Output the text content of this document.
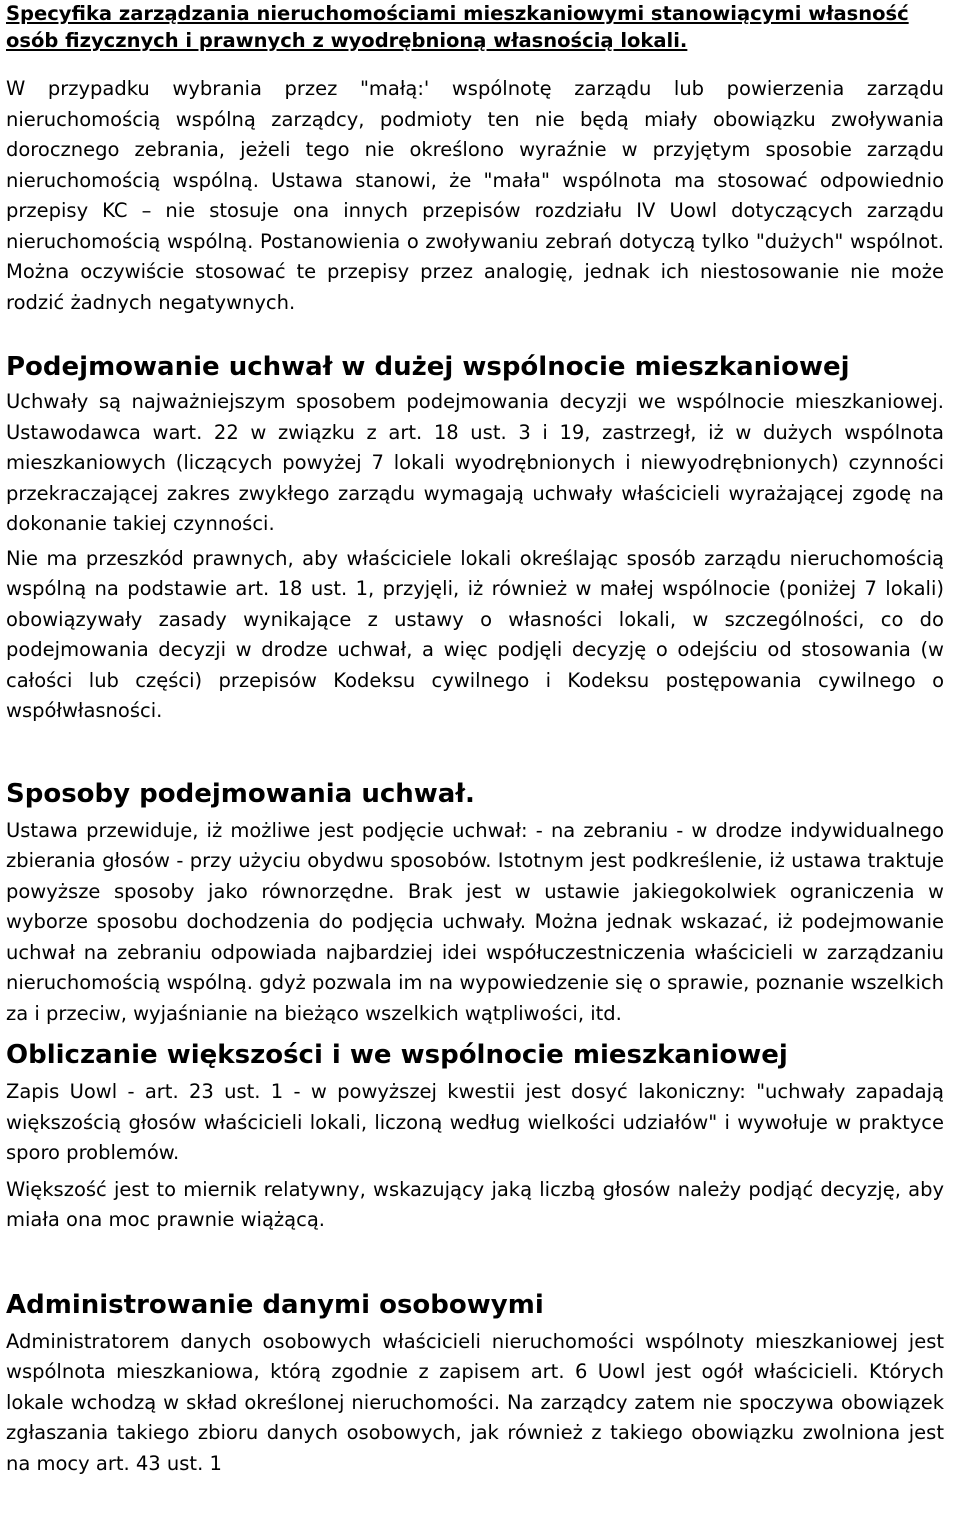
Specyfika zarządzania nieruchomościami mieszkaniowymi stanowiącymi własność osób fizycznych i prawnych z wyodrębnioną własnością lokali.

W przypadku wybrania przez "małą:' wspólnotę zarządu lub powierzenia zarządu nieruchomością wspólną zarządcy, podmioty ten nie będą miały obowiązku zwoływania dorocznego zebrania, jeżeli tego nie określono wyraźnie w przyjętym sposobie zarządu nieruchomością wspólną. Ustawa stanowi, że "mała" wspólnota ma stosować odpowiednio przepisy KC – nie stosuje ona innych przepisów rozdziału IV Uowl dotyczących zarządu nieruchomością wspólną. Postanowienia o zwoływaniu zebrań dotyczą tylko "dużych" wspólnot. Można oczywiście stosować te przepisy przez analogię, jednak ich niestosowanie nie może rodzić żadnych negatywnych.

Podejmowanie uchwał w dużej wspólnocie mieszkaniowej

Uchwały są najważniejszym sposobem podejmowania decyzji we wspólnocie mieszkaniowej. Ustawodawca wart. 22 w związku z art. 18 ust. 3 i 19, zastrzegł, iż w dużych wspólnota mieszkaniowych (liczących powyżej 7 lokali wyodrębnionych i niewyodrębnionych) czynności przekraczającej zakres zwykłego zarządu wymagają uchwały właścicieli wyrażającej zgodę na dokonanie takiej czynności.

Nie ma przeszkód prawnych, aby właściciele lokali określając sposób zarządu nieruchomością wspólną na podstawie art. 18 ust. 1, przyjęli, iż również w małej wspólnocie (poniżej 7 lokali) obowiązywały zasady wynikające z ustawy o własności lokali, w szczególności, co do podejmowania decyzji w drodze uchwał, a więc podjęli decyzję o odejściu od stosowania (w całości lub części) przepisów Kodeksu cywilnego i Kodeksu postępowania cywilnego o współwłasności.

Sposoby podejmowania uchwał.

Ustawa przewiduje, iż możliwe jest podjęcie uchwał: - na zebraniu - w drodze indywidualnego zbierania głosów - przy użyciu obydwu sposobów. Istotnym jest podkreślenie, iż ustawa traktuje powyższe sposoby jako równorzędne. Brak jest w ustawie jakiegokolwiek ograniczenia w wyborze sposobu dochodzenia do podjęcia uchwały. Można jednak wskazać, iż podejmowanie uchwał na zebraniu odpowiada najbardziej idei współuczestniczenia właścicieli w zarządzaniu nieruchomością wspólną. gdyż pozwala im na wypowiedzenie się o sprawie, poznanie wszelkich za i przeciw, wyjaśnianie na bieżąco wszelkich wątpliwości, itd.

Obliczanie większości i we wspólnocie mieszkaniowej

Zapis Uowl - art. 23 ust. 1 - w powyższej kwestii jest dosyć lakoniczny: "uchwały zapadają większością głosów właścicieli lokali, liczoną według wielkości udziałów" i wywołuje w praktyce sporo problemów.

Większość jest to miernik relatywny, wskazujący jaką liczbą głosów należy podjąć decyzję, aby miała ona moc prawnie wiążącą.

Administrowanie danymi osobowymi

Administratorem danych osobowych właścicieli nieruchomości wspólnoty mieszkaniowej jest wspólnota mieszkaniowa, którą zgodnie z zapisem art. 6 Uowl jest ogół właścicieli. Których lokale wchodzą w skład określonej nieruchomości. Na zarządcy zatem nie spoczywa obowiązek zgłaszania takiego zbioru danych osobowych, jak również z takiego obowiązku zwolniona jest na mocy art. 43 ust. 1
